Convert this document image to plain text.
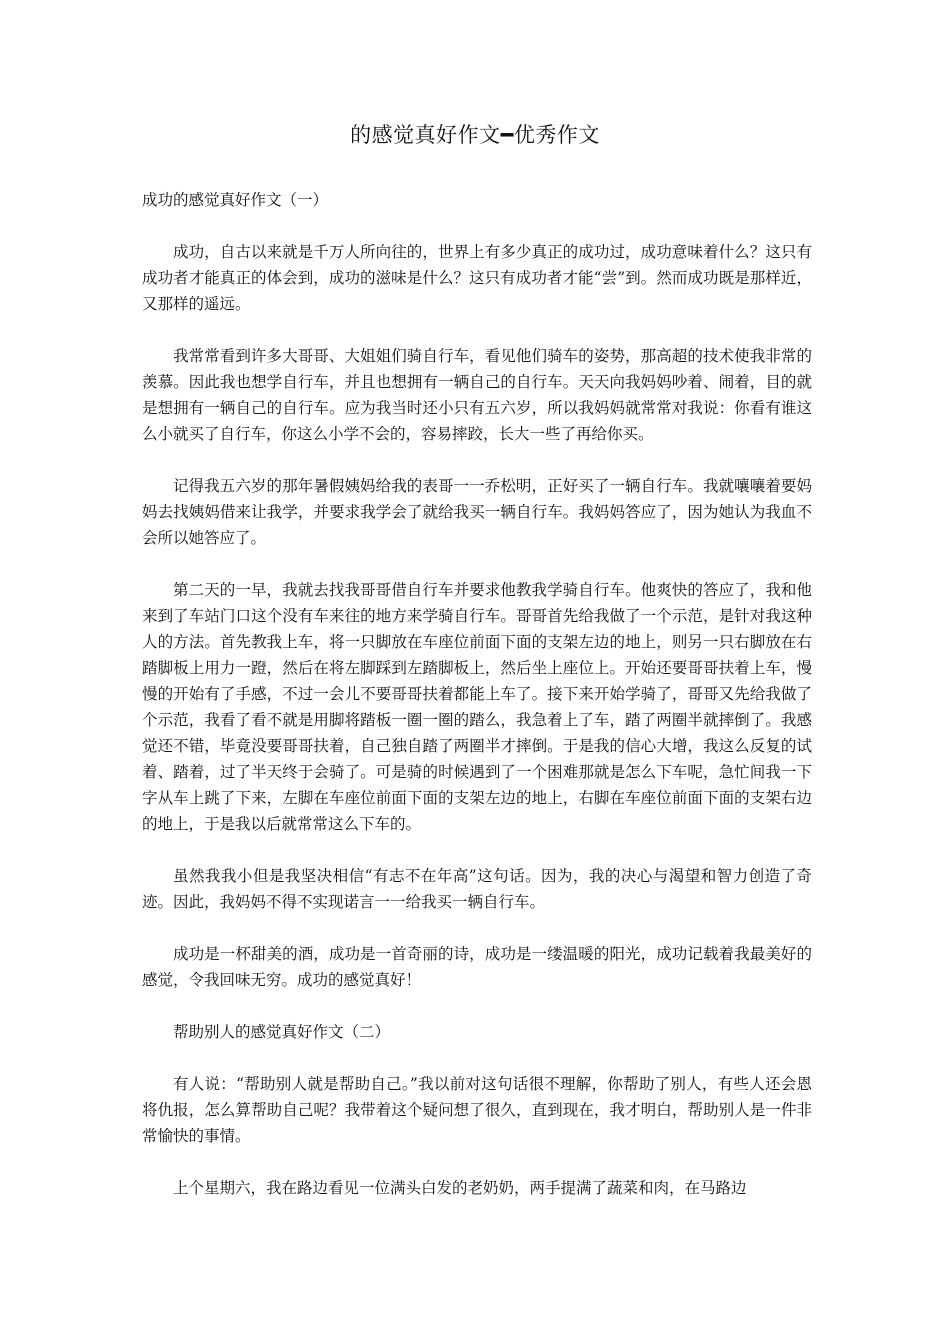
的感觉真好作文━优秀作文

成功的感觉真好作文（一）

成功，自古以来就是千万人所向往的，世界上有多少真正的成功过，成功意味着什么？这只有成功者才能真正的体会到，成功的滋味是什么？这只有成功者才能“尝”到。然而成功既是那样近，又那样的遥远。

我常常看到许多大哥哥、大姐姐们骑自行车，看见他们骑车的姿势，那高超的技术使我非常的羡慕。因此我也想学自行车，并且也想拥有一辆自己的自行车。天天向我妈妈吵着、闹着，目的就是想拥有一辆自己的自行车。应为我当时还小只有五六岁，所以我妈妈就常常对我说：你看有谁这么小就买了自行车，你这么小学不会的，容易摔跤，长大一些了再给你买。

记得我五六岁的那年暑假姨妈给我的表哥一一乔松明，正好买了一辆自行车。我就嚷嚷着要妈妈去找姨妈借来让我学，并要求我学会了就给我买一辆自行车。我妈妈答应了，因为她认为我血不会所以她答应了。

第二天的一早，我就去找我哥哥借自行车并要求他教我学骑自行车。他爽快的答应了，我和他来到了车站门口这个没有车来往的地方来学骑自行车。哥哥首先给我做了一个示范，是针对我这种人的方法。首先教我上车，将一只脚放在车座位前面下面的支架左边的地上，则另一只右脚放在右踏脚板上用力一蹬，然后在将左脚踩到左踏脚板上，然后坐上座位上。开始还要哥哥扶着上车，慢慢的开始有了手感，不过一会儿不要哥哥扶着都能上车了。接下来开始学骑了，哥哥又先给我做了个示范，我看了看不就是用脚将踏板一圈一圈的踏么，我急着上了车，踏了两圈半就摔倒了。我感觉还不错，毕竟没要哥哥扶着，自己独自踏了两圈半才摔倒。于是我的信心大增，我这么反复的试着、踏着，过了半天终于会骑了。可是骑的时候遇到了一个困难那就是怎么下车呢，急忙间我一下字从车上跳了下来，左脚在车座位前面下面的支架左边的地上，右脚在车座位前面下面的支架右边的地上，于是我以后就常常这么下车的。

虽然我我小但是我坚决相信“有志不在年高”这句话。因为，我的决心与渴望和智力创造了奇迹。因此，我妈妈不得不实现诺言一一给我买一辆自行车。

成功是一杯甜美的酒，成功是一首奇丽的诗，成功是一缕温暖的阳光，成功记载着我最美好的感觉，令我回味无穷。成功的感觉真好！

帮助别人的感觉真好作文（二）

有人说：“帮助别人就是帮助自己。”我以前对这句话很不理解，你帮助了别人，有些人还会恩将仇报，怎么算帮助自己呢？我带着这个疑问想了很久，直到现在，我才明白，帮助别人是一件非常愉快的事情。

上个星期六，我在路边看见一位满头白发的老奶奶，两手提满了蔬菜和肉，在马路边
